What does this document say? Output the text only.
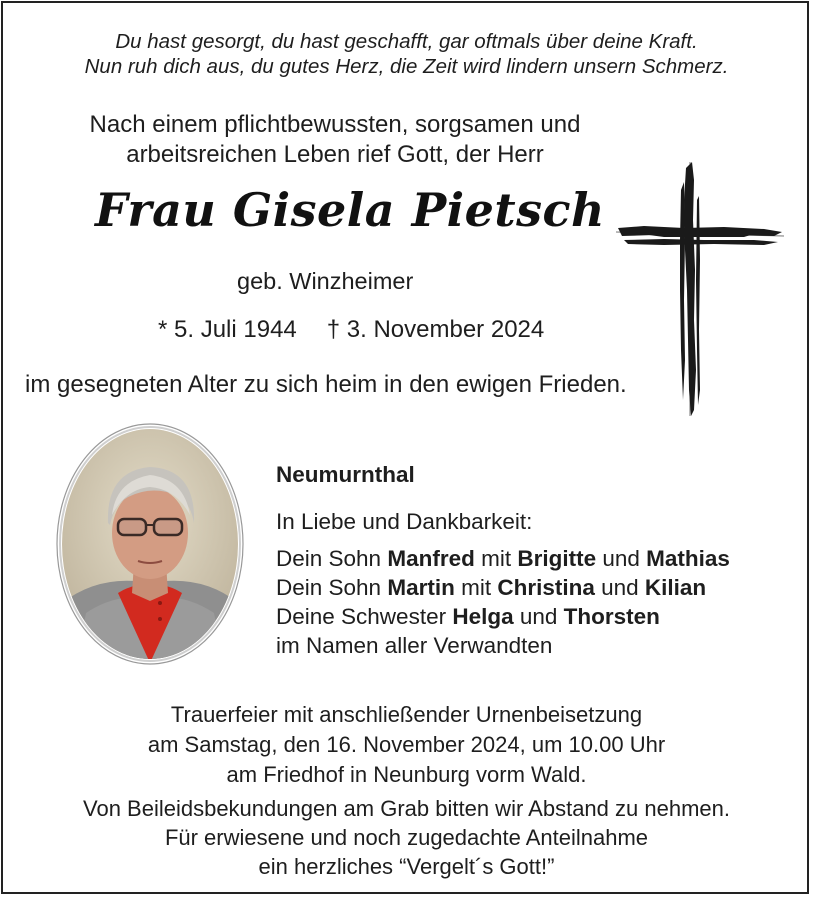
Du hast gesorgt, du hast geschafft, gar oftmals über deine Kraft.
Nun ruh dich aus, du gutes Herz, die Zeit wird lindern unsern Schmerz.
Nach einem pflichtbewussten, sorgsamen und
arbeitsreichen Leben rief Gott, der Herr
Frau Gisela Pietsch
geb. Winzheimer
* 5. Juli 1944 † 3. November 2024
im gesegneten Alter zu sich heim in den ewigen Frieden.
Neumurnthal
In Liebe und Dankbarkeit:
Dein Sohn Manfred mit Brigitte und Mathias
Dein Sohn Martin mit Christina und Kilian
Deine Schwester Helga und Thorsten
im Namen aller Verwandten
Trauerfeier mit anschließender Urnenbeisetzung
am Samstag, den 16. November 2024, um 10.00 Uhr
am Friedhof in Neunburg vorm Wald.
Von Beileidsbekundungen am Grab bitten wir Abstand zu nehmen.
Für erwiesene und noch zugedachte Anteilnahme
ein herzliches “Vergelt´s Gott!”
